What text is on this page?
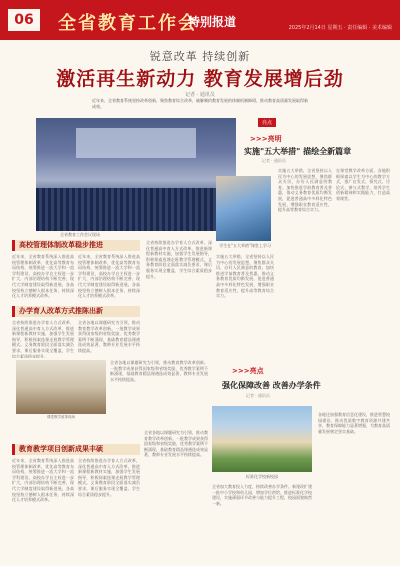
06	全省教育工作会
特别报道	2025年2月14日 星期五 · 责任编辑 · 美术编辑
锐意改革 持续创新
激活再生新动力 教育发展增后劲
记者 · 通讯员
近年来，全省教育系统坚持改革创新，聚焦教育综合改革，破解制约教育发展的体制机制障碍，推动教育高质量发展取得新成效。
全省教育工作会议现场
亮点
>>>亮明
实施"五大举措" 描绘全新篇章
记者 · 通讯员
学生在"五大举措"课堂上学习
实施五大举措，全省坚持以人民为中心的发展思想，聚焦群众关切，办好人民满意的教育。加快推进学前教育普及普惠，推动义务教育优质均衡发展，促进普通高中多样化特色发展，增强职业教育适应性，提升高等教育综合实力。
在课堂教学改革方面，各地积极探索以学生为中心的教学方式，推广启发式、探究式、讨论式、参与式教学，培养学生创新精神和实践能力，打造高效课堂。
实施五大举措，全省坚持以人民为中心的发展思想，聚焦群众关切，办好人民满意的教育。加快推进学前教育普及普惠，推动义务教育优质均衡发展，促进普通高中多样化特色发展，增强职业教育适应性，提升高等教育综合实力。
高校管理体制改革稳步推进
近年来，全省教育系统深入推进高校管理体制改革，优化高等教育布局结构，统筹推进一流大学和一流学科建设，高校办学自主权进一步扩大，内部治理结构不断完善，现代大学制度建设取得新进展。各高校坚持立德树人根本任务，持续深化人才培养模式改革。
近年来，全省教育系统深入推进高校管理体制改革，优化高等教育布局结构，统筹推进一流大学和一流学科建设，高校办学自主权进一步扩大，内部治理结构不断完善，现代大学制度建设取得新进展。各高校坚持立德树人根本任务，持续深化人才培养模式改革。
全省持续推进办学育人方式改革，深化普通高中育人方式改革，推进新课程新教材实施，加强学生发展指导，积极探索选课走班教学管理模式。义务教育阶段全面落实减负要求，课后服务实现全覆盖，学生综合素质稳步提升。
办学育人改革方式推陈出新
全省持续推进办学育人方式改革，深化普通高中育人方式改革，推进新课程新教材实施，加强学生发展指导，积极探索选课走班教学管理模式。义务教育阶段全面落实减负要求，课后服务实现全覆盖，学生综合素质稳步提升。
全省各地以课题研究为引领，推动教育教学改革创新。一批教学成果获得国家级和省级奖励，优秀教学案例不断涌现，基础教育精品课遴选成效显著，教师专业发展水平持续提高。
课堂教学改革现场
全省各地以课题研究为引领，推动教育教学改革创新。一批教学成果获得国家级和省级奖励，优秀教学案例不断涌现，基础教育精品课遴选成效显著，教师专业发展水平持续提高。
教育教学项目创新成果丰硕
近年来，全省教育系统深入推进高校管理体制改革，优化高等教育布局结构，统筹推进一流大学和一流学科建设，高校办学自主权进一步扩大，内部治理结构不断完善，现代大学制度建设取得新进展。各高校坚持立德树人根本任务，持续深化人才培养模式改革。
全省持续推进办学育人方式改革，深化普通高中育人方式改革，推进新课程新教材实施，加强学生发展指导，积极探索选课走班教学管理模式。义务教育阶段全面落实减负要求，课后服务实现全覆盖，学生综合素质稳步提升。
全省各地以课题研究为引领，推动教育教学改革创新。一批教学成果获得国家级和省级奖励，优秀教学案例不断涌现，基础教育精品课遴选成效显著，教师专业发展水平持续提高。
>>>亮点
强化保障改善 改善办学条件
记者 · 通讯员
标准化学校新校园
全省加大教育投入力度，持续改善办学条件。新建改扩建一批中小学校和幼儿园，增加学位供给，推进标准化学校建设，实施薄弱环节改善与能力提升工程，校园面貌焕然一新。
各地还加强教育信息化建设，推进智慧校园建设，推动优质数字教育资源共建共享，教育保障能力显著增强，为教育高质量发展奠定坚实基础。
